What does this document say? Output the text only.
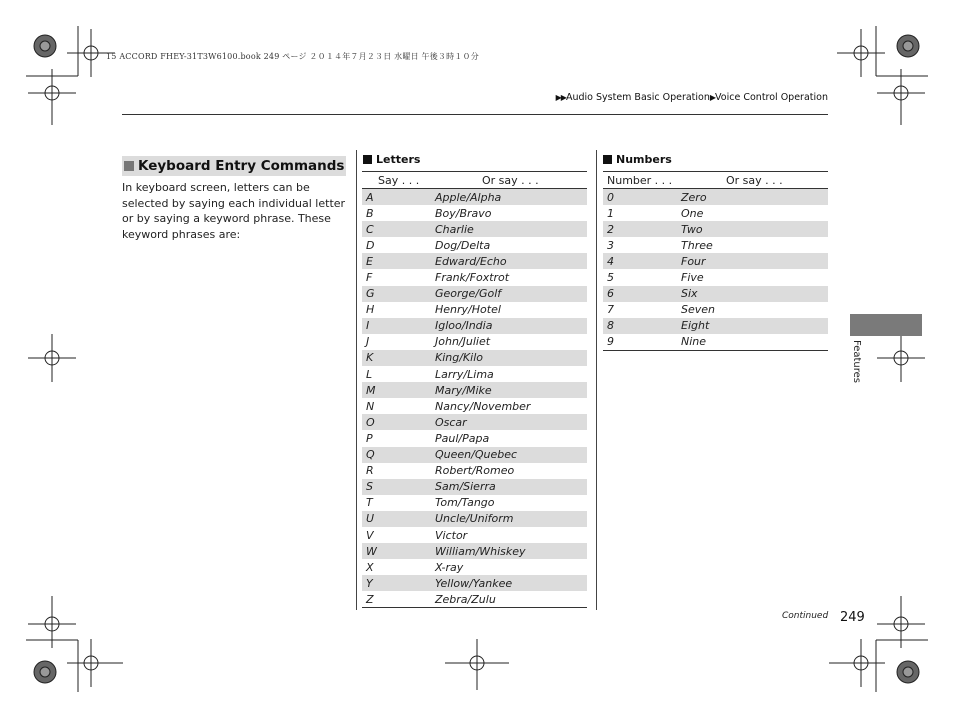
15 ACCORD FHEY-31T3W6100.book 249 ページ ２０１４年７月２３日 水曜日 午後３時１０分
▶▶Audio System Basic Operation▶Voice Control Operation
Keyboard Entry Commands

In keyboard screen, letters can be selected by saying each individual letter or by saying a keyword phrase. These keyword phrases are:

Letters
Say . . .	Or say . . .
A	Apple/Alpha
B	Boy/Bravo
C	Charlie
D	Dog/Delta
E	Edward/Echo
F	Frank/Foxtrot
G	George/Golf
H	Henry/Hotel
I	Igloo/India
J	John/Juliet
K	King/Kilo
L	Larry/Lima
M	Mary/Mike
N	Nancy/November
O	Oscar
P	Paul/Papa
Q	Queen/Quebec
R	Robert/Romeo
S	Sam/Sierra
T	Tom/Tango
U	Uncle/Uniform
V	Victor
W	William/Whiskey
X	X-ray
Y	Yellow/Yankee
Z	Zebra/Zulu
Numbers
Number . . .	Or say . . .
0	Zero
1	One
2	Two
3	Three
4	Four
5	Five
6	Six
7	Seven
8	Eight
9	Nine	Features
Continued 249
